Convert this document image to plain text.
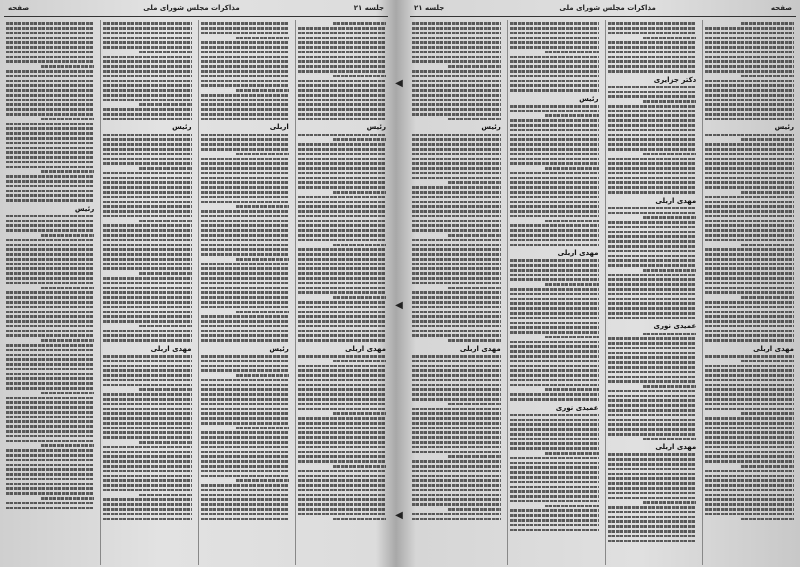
جلسه ۲۱
مذاکرات مجلس شورای ملی
صفحه
رئیس
مهدی اربلی
اربلی
رئیس
رئیس
مهدی اربلی
رئیس
◀
◀
◀
صفحه
مذاکرات مجلس شورای ملی
جلسه ۲۱
رئیس
مهدی اربلی
دکتر جزایری
مهدی اربلی
عمیدی نوری
مهدی اربلی
رئیس
مهدی اربلی
عمیدی نوری
رئیس
مهدی اربلی
